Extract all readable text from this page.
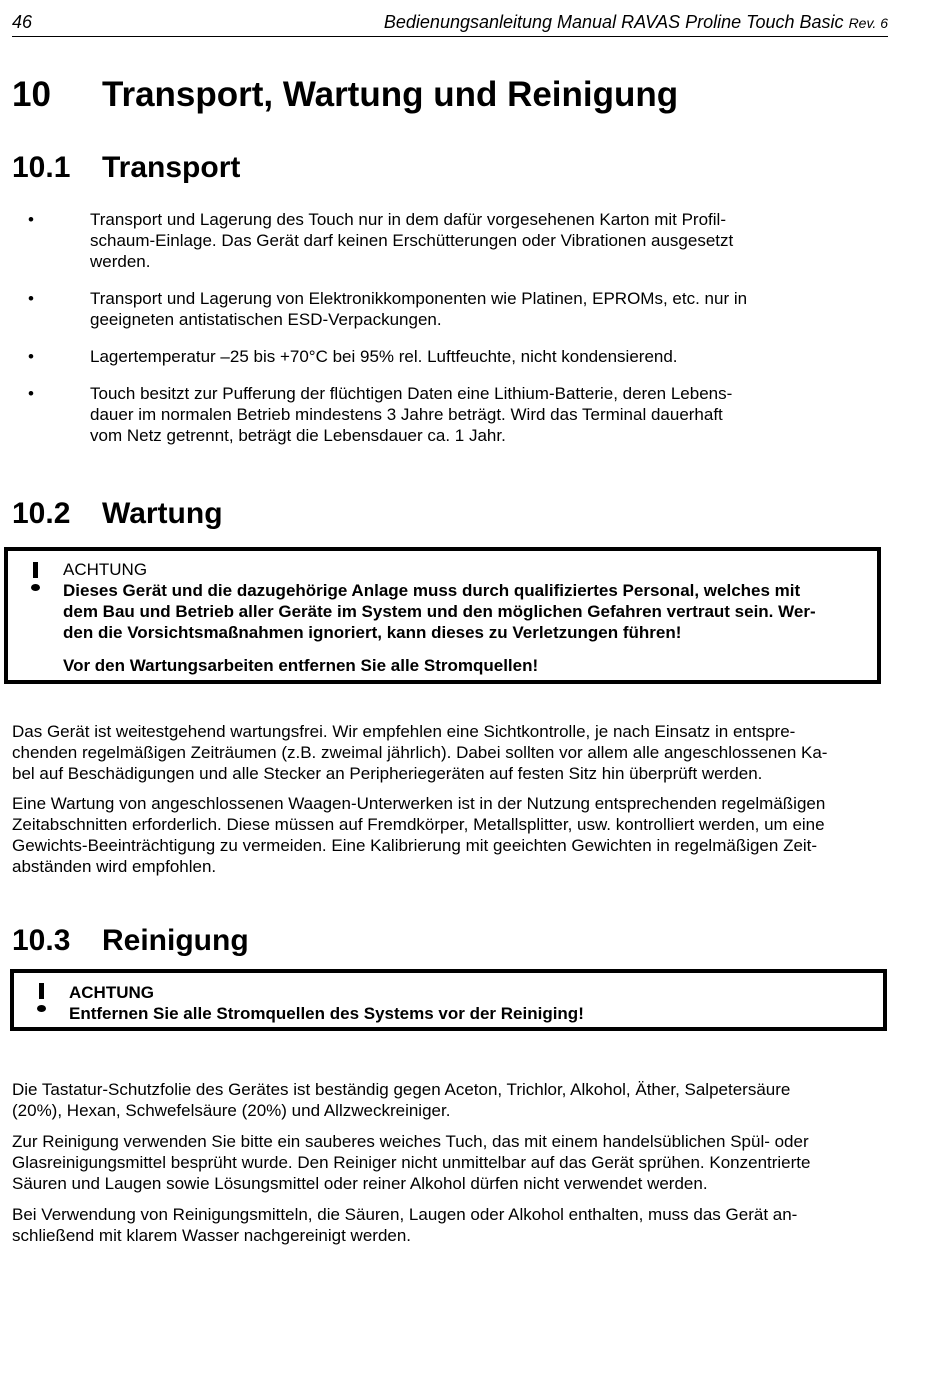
46	Bedienungsanleitung Manual RAVAS Proline Touch Basic Rev. 6
10 Transport, Wartung und Reinigung
10.1 Transport
•	Transport und Lagerung des Touch nur in dem dafür vorgesehenen Karton mit Profil-
schaum-Einlage. Das Gerät darf keinen Erschütterungen oder Vibrationen ausgesetzt
werden.
•	Transport und Lagerung von Elektronikkomponenten wie Platinen, EPROMs, etc. nur in
geeigneten antistatischen ESD-Verpackungen.
•	Lagertemperatur –25 bis +70°C bei 95% rel. Luftfeuchte, nicht kondensierend.
•	Touch besitzt zur Pufferung der flüchtigen Daten eine Lithium-Batterie, deren Lebens-
dauer im normalen Betrieb mindestens 3 Jahre beträgt. Wird das Terminal dauerhaft
vom Netz getrennt, beträgt die Lebensdauer ca. 1 Jahr.
10.2 Wartung
ACHTUNG
Dieses Gerät und die dazugehörige Anlage muss durch qualifiziertes Personal, welches mit
dem Bau und Betrieb aller Geräte im System und den möglichen Gefahren vertraut sein. Wer-
den die Vorsichtsmaßnahmen ignoriert, kann dieses zu Verletzungen führen!
Vor den Wartungsarbeiten entfernen Sie alle Stromquellen!

Das Gerät ist weitestgehend wartungsfrei. Wir empfehlen eine Sichtkontrolle, je nach Einsatz in entspre-
chenden regelmäßigen Zeiträumen (z.B. zweimal jährlich). Dabei sollten vor allem alle angeschlossenen Ka-
bel auf Beschädigungen und alle Stecker an Peripheriegeräten auf festen Sitz hin überprüft werden.

Eine Wartung von angeschlossenen Waagen-Unterwerken ist in der Nutzung entsprechenden regelmäßigen
Zeitabschnitten erforderlich. Diese müssen auf Fremdkörper, Metallsplitter, usw. kontrolliert werden, um eine
Gewichts-Beeinträchtigung zu vermeiden. Eine Kalibrierung mit geeichten Gewichten in regelmäßigen Zeit-
abständen wird empfohlen.

10.3 Reinigung
ACHTUNG
Entfernen Sie alle Stromquellen des Systems vor der Reiniging!

Die Tastatur-Schutzfolie des Gerätes ist beständig gegen Aceton, Trichlor, Alkohol, Äther, Salpetersäure
(20%), Hexan, Schwefelsäure (20%) und Allzweckreiniger.

Zur Reinigung verwenden Sie bitte ein sauberes weiches Tuch, das mit einem handelsüblichen Spül- oder
Glasreinigungsmittel besprüht wurde. Den Reiniger nicht unmittelbar auf das Gerät sprühen. Konzentrierte
Säuren und Laugen sowie Lösungsmittel oder reiner Alkohol dürfen nicht verwendet werden.

Bei Verwendung von Reinigungsmitteln, die Säuren, Laugen oder Alkohol enthalten, muss das Gerät an-
schließend mit klarem Wasser nachgereinigt werden.
